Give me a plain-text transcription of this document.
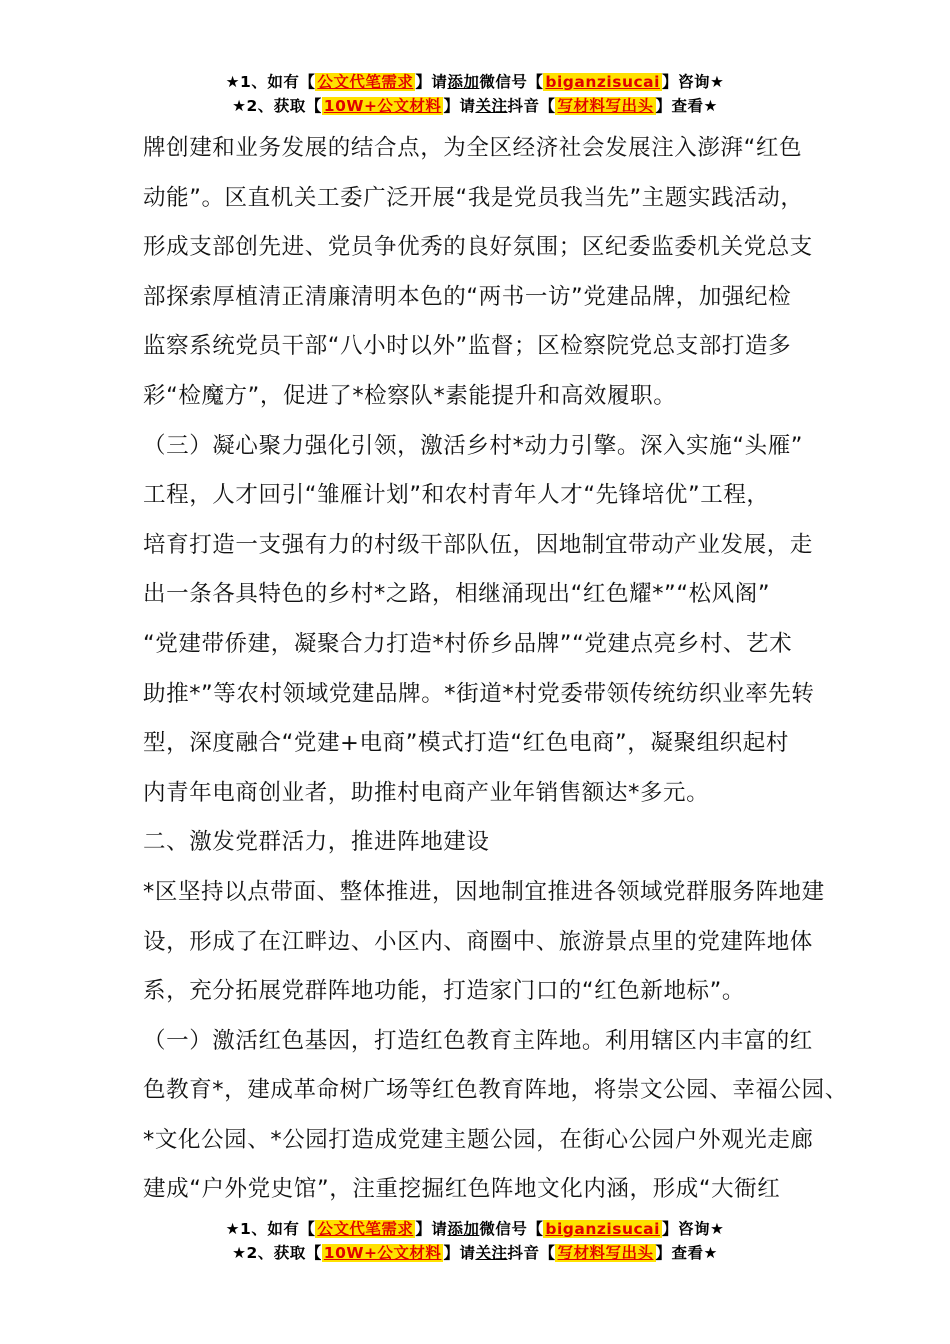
★1、如有【 公文代笔需求 】请添加微信号【 biganzisucai 】咨询★
★2、获取【 10W+公文材料 】请关注抖音【 写材料写出头 】查看★
牌创建和业务发展的结合点，为全区经济社会发展注入澎湃“红色
动能”。区直机关工委广泛开展“我是党员我当先”主题实践活动，
形成支部创先进、党员争优秀的良好氛围；区纪委监委机关党总支
部探索厚植清正清廉清明本色的“两书一访”党建品牌，加强纪检
监察系统党员干部“八小时以外”监督；区检察院党总支部打造多
彩“检魔方”，促进了*检察队*素能提升和高效履职。
（三）凝心聚力强化引领，激活乡村*动力引擎。深入实施“头雁”
工程，人才回引“雏雁计划”和农村青年人才“先锋培优”工程，
培育打造一支强有力的村级干部队伍，因地制宜带动产业发展，走
出一条各具特色的乡村*之路，相继涌现出“红色耀*”“松风阁”
“党建带侨建，凝聚合力打造*村侨乡品牌”“党建点亮乡村、艺术
助推*”等农村领域党建品牌。*街道*村党委带领传统纺织业率先转
型，深度融合“党建+电商”模式打造“红色电商”，凝聚组织起村
内青年电商创业者，助推村电商产业年销售额达*多元。
二、激发党群活力，推进阵地建设
*区坚持以点带面、整体推进，因地制宜推进各领域党群服务阵地建
设，形成了在江畔边、小区内、商圈中、旅游景点里的党建阵地体
系，充分拓展党群阵地功能，打造家门口的“红色新地标”。
（一）激活红色基因，打造红色教育主阵地。利用辖区内丰富的红
色教育*，建成革命树广场等红色教育阵地，将崇文公园、幸福公园、
*文化公园、*公园打造成党建主题公园，在街心公园户外观光走廊
建成“户外党史馆”，注重挖掘红色阵地文化内涵，形成“大衙红
★1、如有【 公文代笔需求 】请添加微信号【 biganzisucai 】咨询★
★2、获取【 10W+公文材料 】请关注抖音【 写材料写出头 】查看★
